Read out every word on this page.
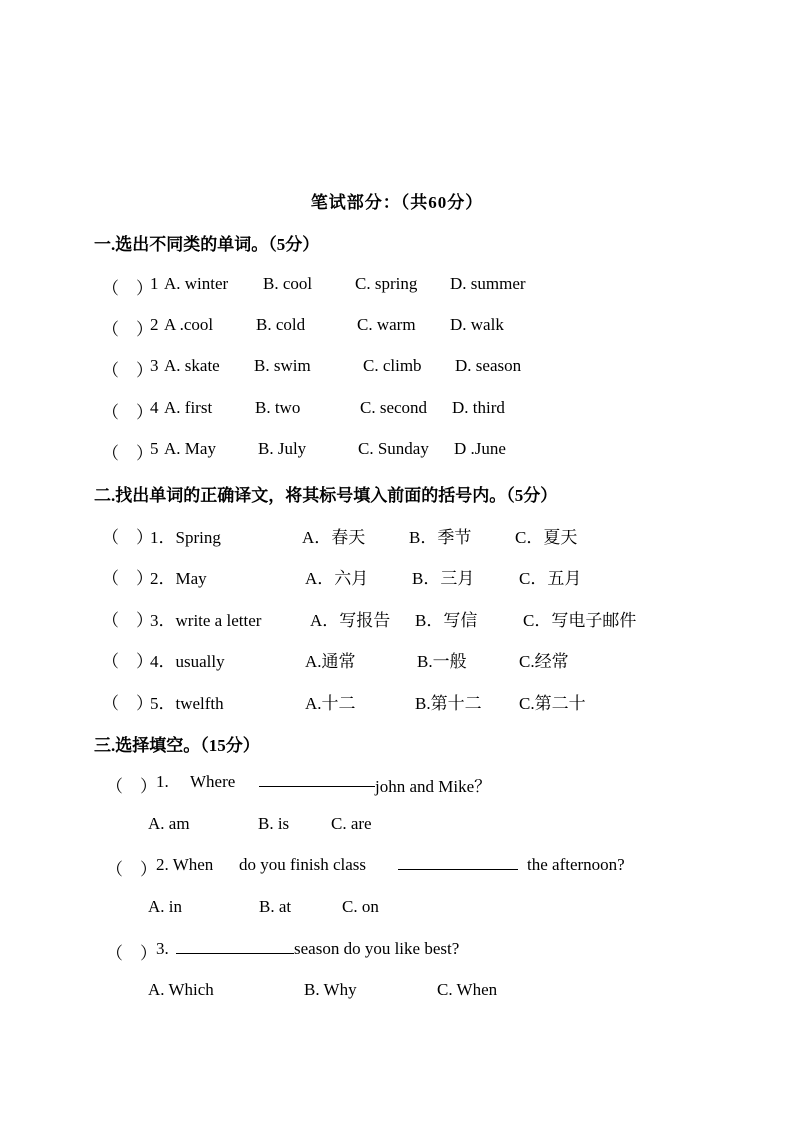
笔试部分：（共60分）
一.选出不同类的单词。（5分）
（　）
1 A. winter B. cool	C. spring D. summer
（　）
2 A .cool	B. cold	C. warm D. walk
（　）
3 A. skate B. swim	C. climb D. season
（　）
4 A. first	B. two	C. second D. third
（　）
5 A. May B. July	C. Sunday D .June
二.找出单词的正确译文，将其标号填入前面的括号内。（5分）
（　）
1．Spring	A．春天	B．季节	C．夏天
（　）
2．May	A．六月	B．三月	C．五月
（　）
3．write a letter	A．写报告 B．写信	C．写电子邮件
（　）
4．usually	A.通常	B.一般	C.经常
（　）
5．twelfth	A.十二	B.第十二 C.第二十
三.选择填空。（15分）
（　） 1. Where	john and Mike？
A. am	B. is C. are
（　） 2. When do you finish class	the afternoon?
A. in	B. at	C. on
（　） 3.	season do you like best?
A. Which	B. Why	C. When
